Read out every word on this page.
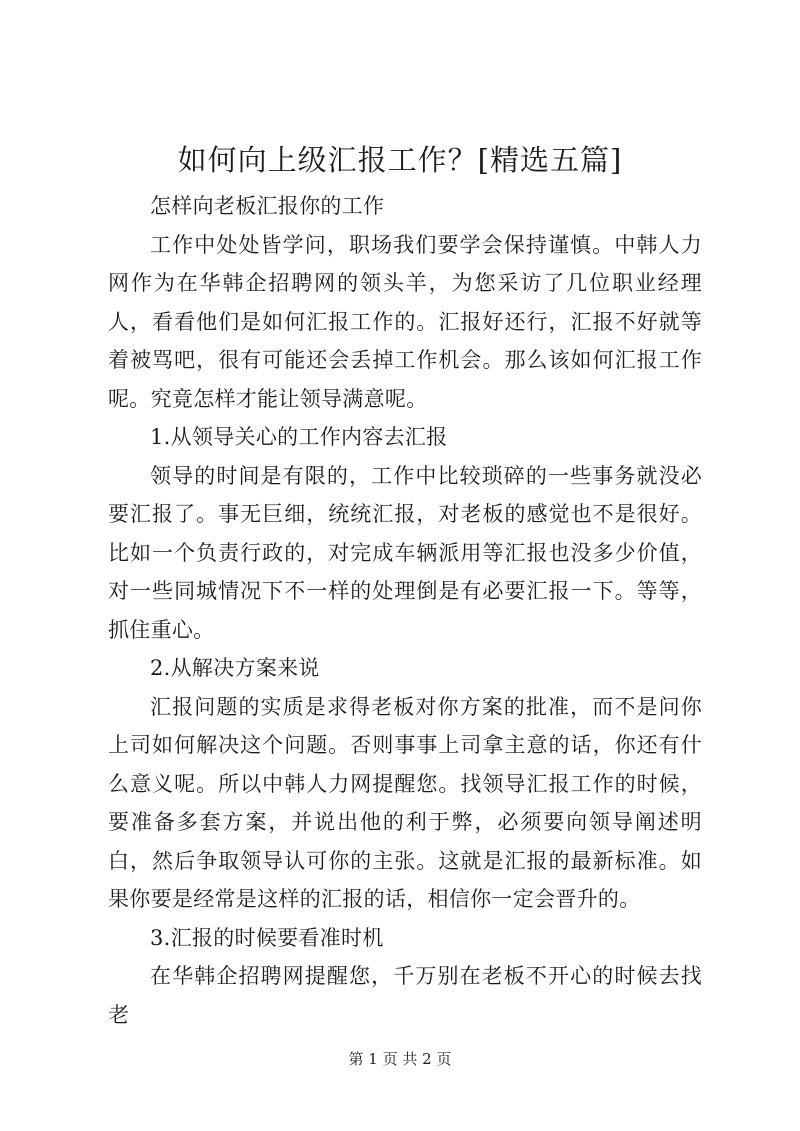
如何向上级汇报工作？[精选五篇]

怎样向老板汇报你的工作

工作中处处皆学问，职场我们要学会保持谨慎。中韩人力网作为在华韩企招聘网的领头羊，为您采访了几位职业经理人，看看他们是如何汇报工作的。汇报好还行，汇报不好就等着被骂吧，很有可能还会丢掉工作机会。那么该如何汇报工作呢。究竟怎样才能让领导满意呢。

1.从领导关心的工作内容去汇报

领导的时间是有限的，工作中比较琐碎的一些事务就没必要汇报了。事无巨细，统统汇报，对老板的感觉也不是很好。比如一个负责行政的，对完成车辆派用等汇报也没多少价值，对一些同城情况下不一样的处理倒是有必要汇报一下。等等，抓住重心。

2.从解决方案来说

汇报问题的实质是求得老板对你方案的批准，而不是问你上司如何解决这个问题。否则事事上司拿主意的话，你还有什么意义呢。所以中韩人力网提醒您。找领导汇报工作的时候，要准备多套方案，并说出他的利于弊，必须要向领导阐述明白，然后争取领导认可你的主张。这就是汇报的最新标准。如果你要是经常是这样的汇报的话，相信你一定会晋升的。

3.汇报的时候要看准时机

在华韩企招聘网提醒您，千万别在老板不开心的时候去找老

第 1 页 共 2 页
